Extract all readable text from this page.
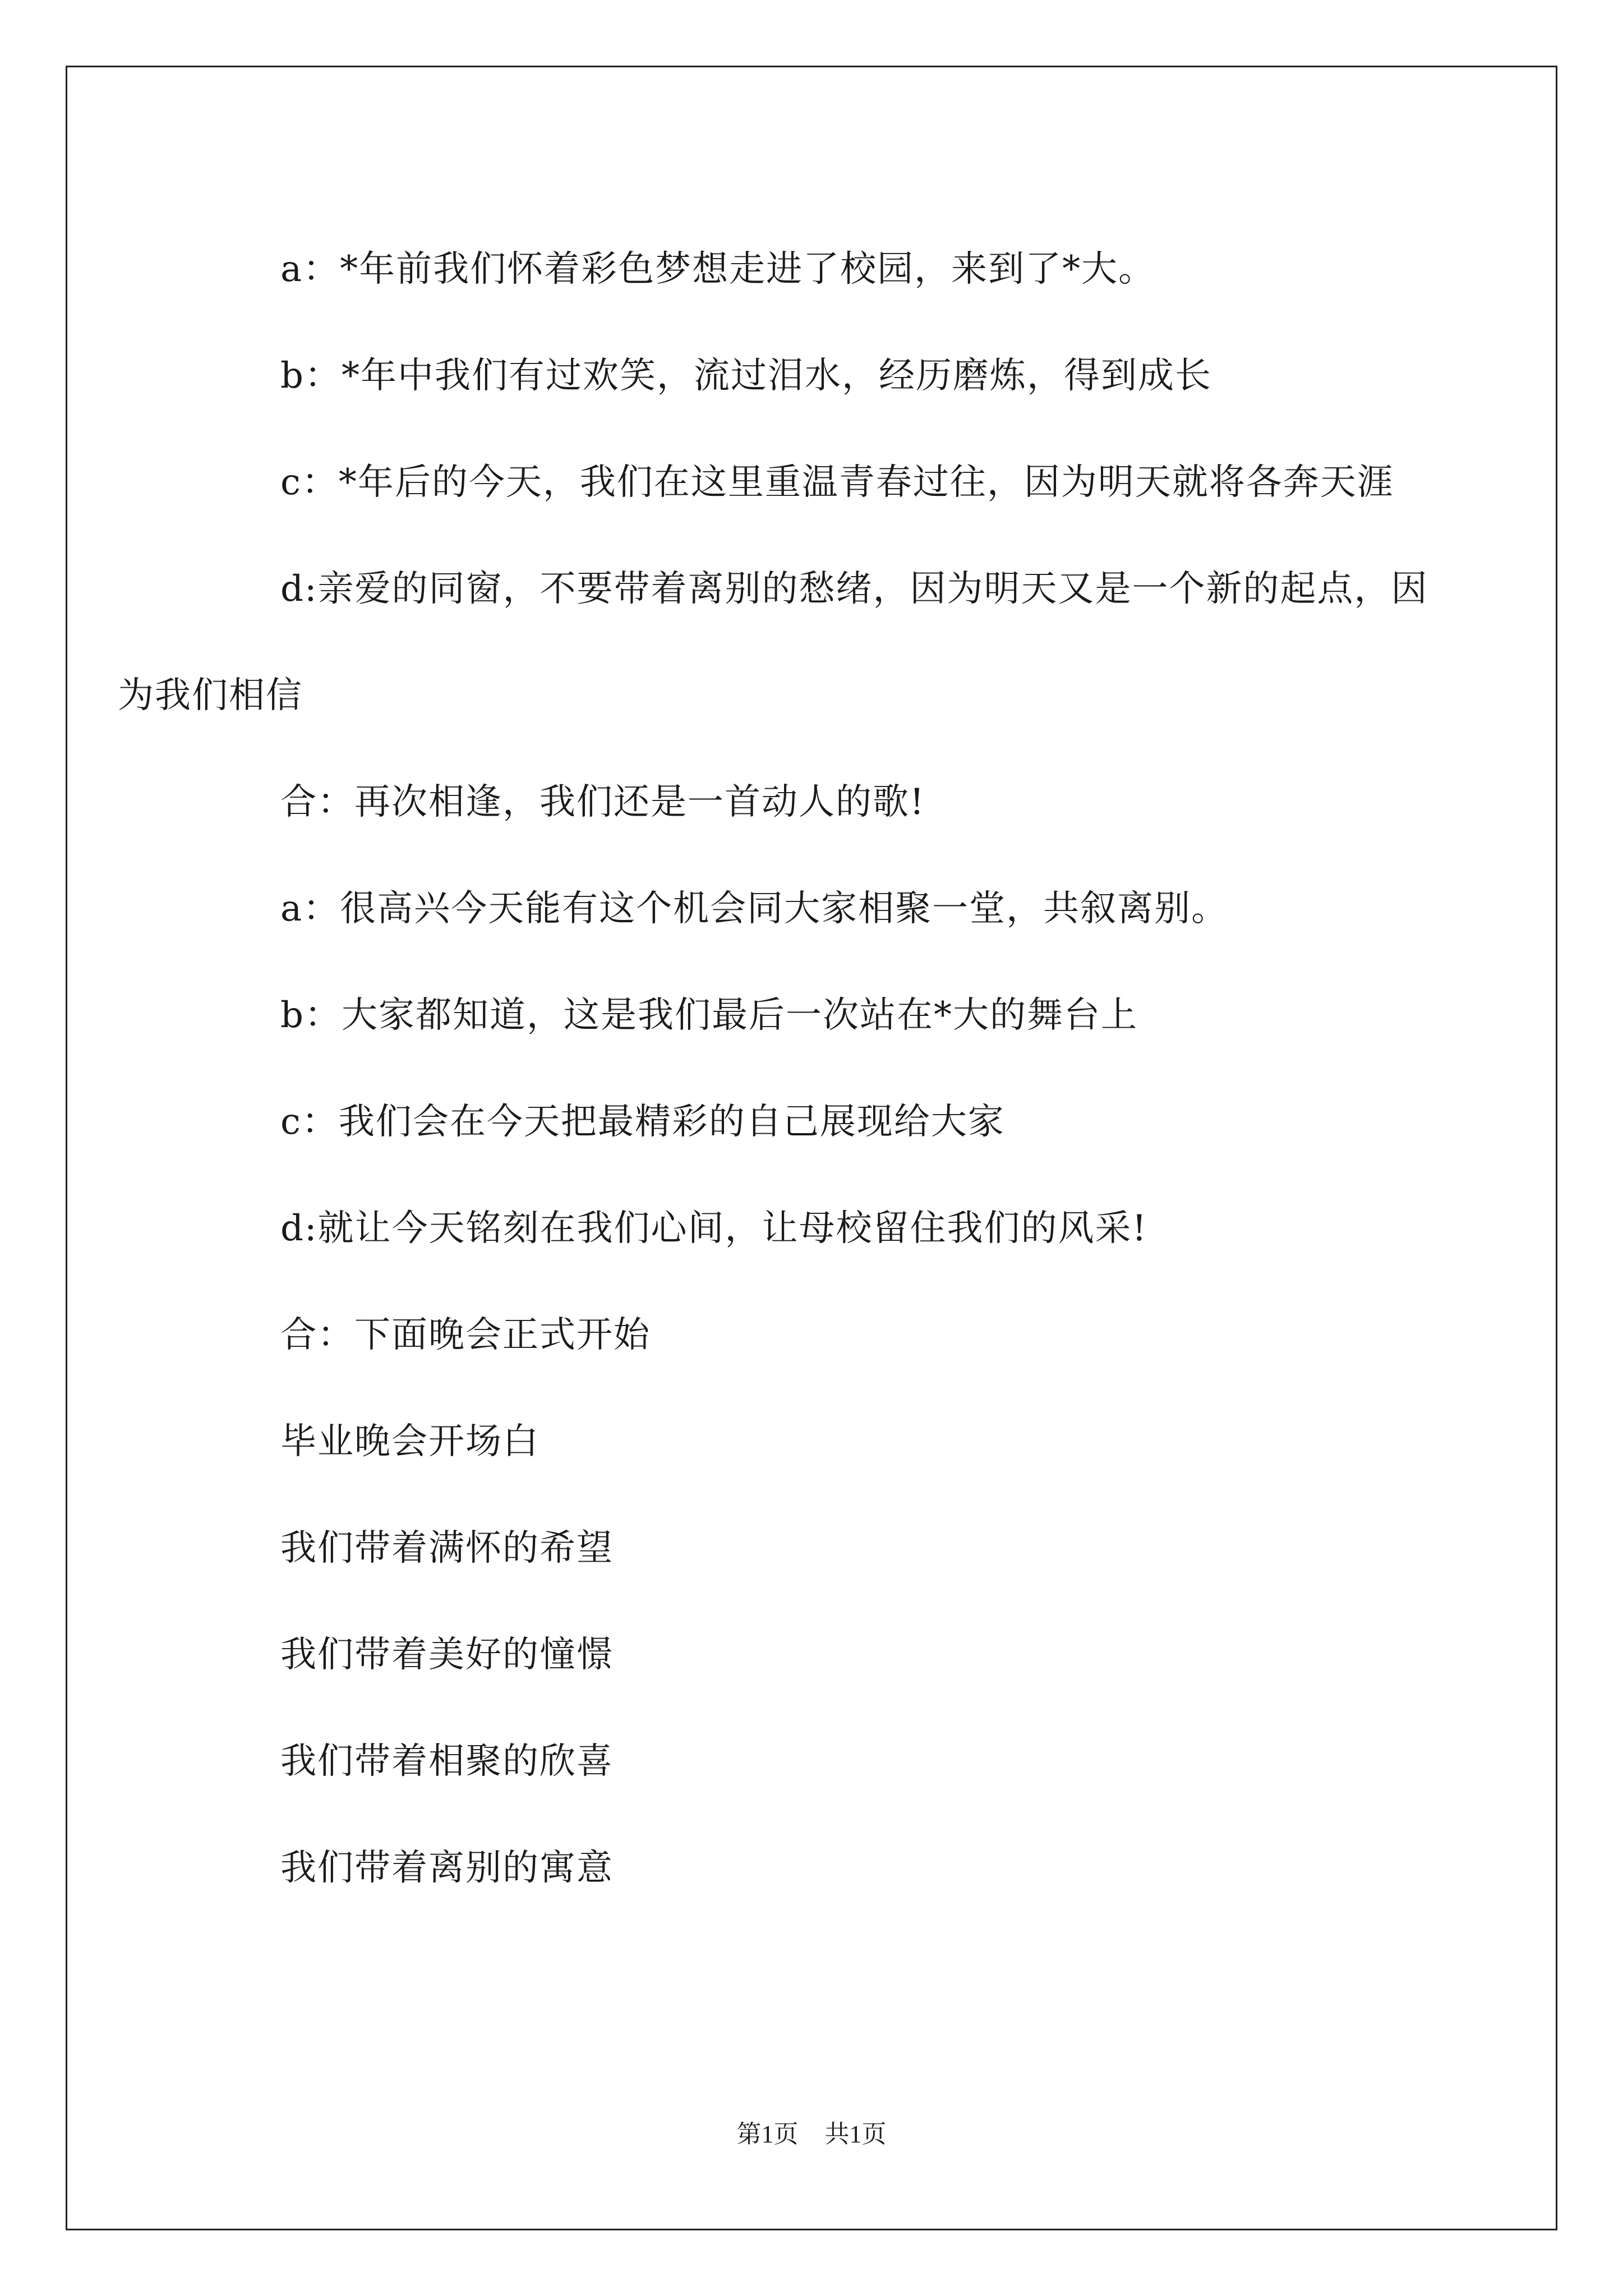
a：*年前我们怀着彩色梦想走进了校园，来到了*大。

b：*年中我们有过欢笑，流过泪水，经历磨炼，得到成长

c：*年后的今天，我们在这里重温青春过往，因为明天就将各奔天涯

d:亲爱的同窗，不要带着离别的愁绪，因为明天又是一个新的起点，因为我们相信

合：再次相逢，我们还是一首动人的歌!

a：很高兴今天能有这个机会同大家相聚一堂，共叙离别。

b：大家都知道，这是我们最后一次站在*大的舞台上

c：我们会在今天把最精彩的自己展现给大家

d:就让今天铭刻在我们心间，让母校留住我们的风采!

合：下面晚会正式开始

毕业晚会开场白

我们带着满怀的希望

我们带着美好的憧憬

我们带着相聚的欣喜

我们带着离别的寓意

第1页 共1页
